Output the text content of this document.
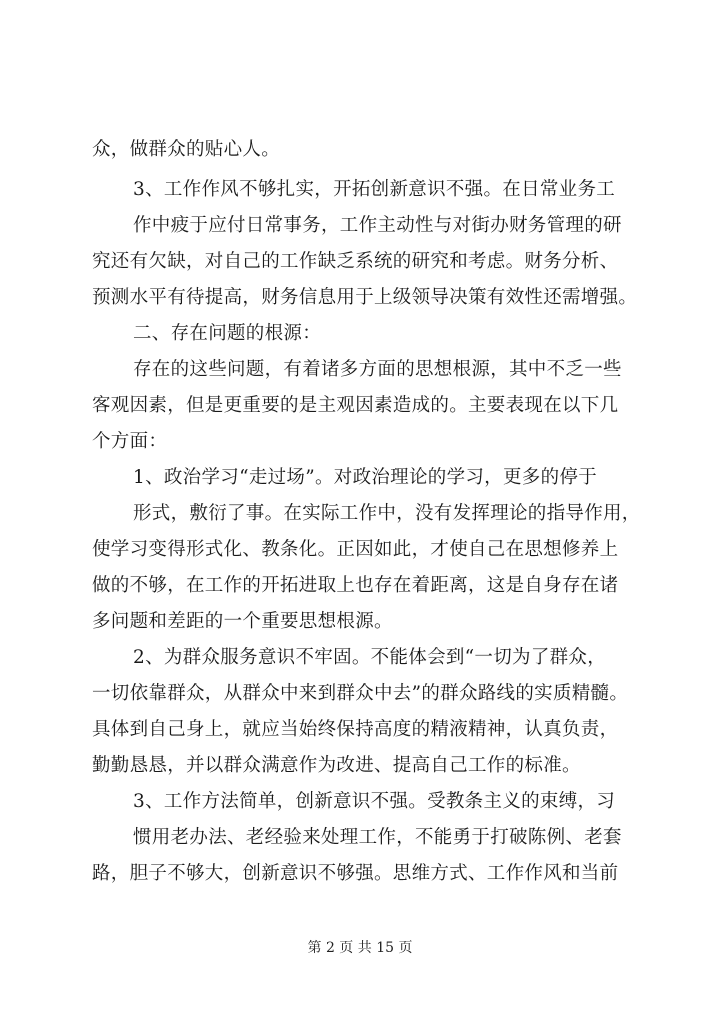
众，做群众的贴心人。
3、工作作风不够扎实，开拓创新意识不强。在日常业务工
作中疲于应付日常事务，工作主动性与对街办财务管理的研
究还有欠缺，对自己的工作缺乏系统的研究和考虑。财务分析、
预测水平有待提高，财务信息用于上级领导决策有效性还需增强。
二、存在问题的根源：
存在的这些问题，有着诸多方面的思想根源，其中不乏一些
客观因素，但是更重要的是主观因素造成的。主要表现在以下几
个方面：
1、政治学习“走过场”。对政治理论的学习，更多的停于
形式，敷衍了事。在实际工作中，没有发挥理论的指导作用，
使学习变得形式化、教条化。正因如此，才使自己在思想修养上
做的不够，在工作的开拓进取上也存在着距离，这是自身存在诸
多问题和差距的一个重要思想根源。
2、为群众服务意识不牢固。不能体会到“一切为了群众，
一切依靠群众，从群众中来到群众中去”的群众路线的实质精髓。
具体到自己身上，就应当始终保持高度的精液精神，认真负责，
勤勤恳恳，并以群众满意作为改进、提高自己工作的标准。
3、工作方法简单，创新意识不强。受教条主义的束缚，习
惯用老办法、老经验来处理工作，不能勇于打破陈例、老套
路，胆子不够大，创新意识不够强。思维方式、工作作风和当前
第 2 页 共 15 页
